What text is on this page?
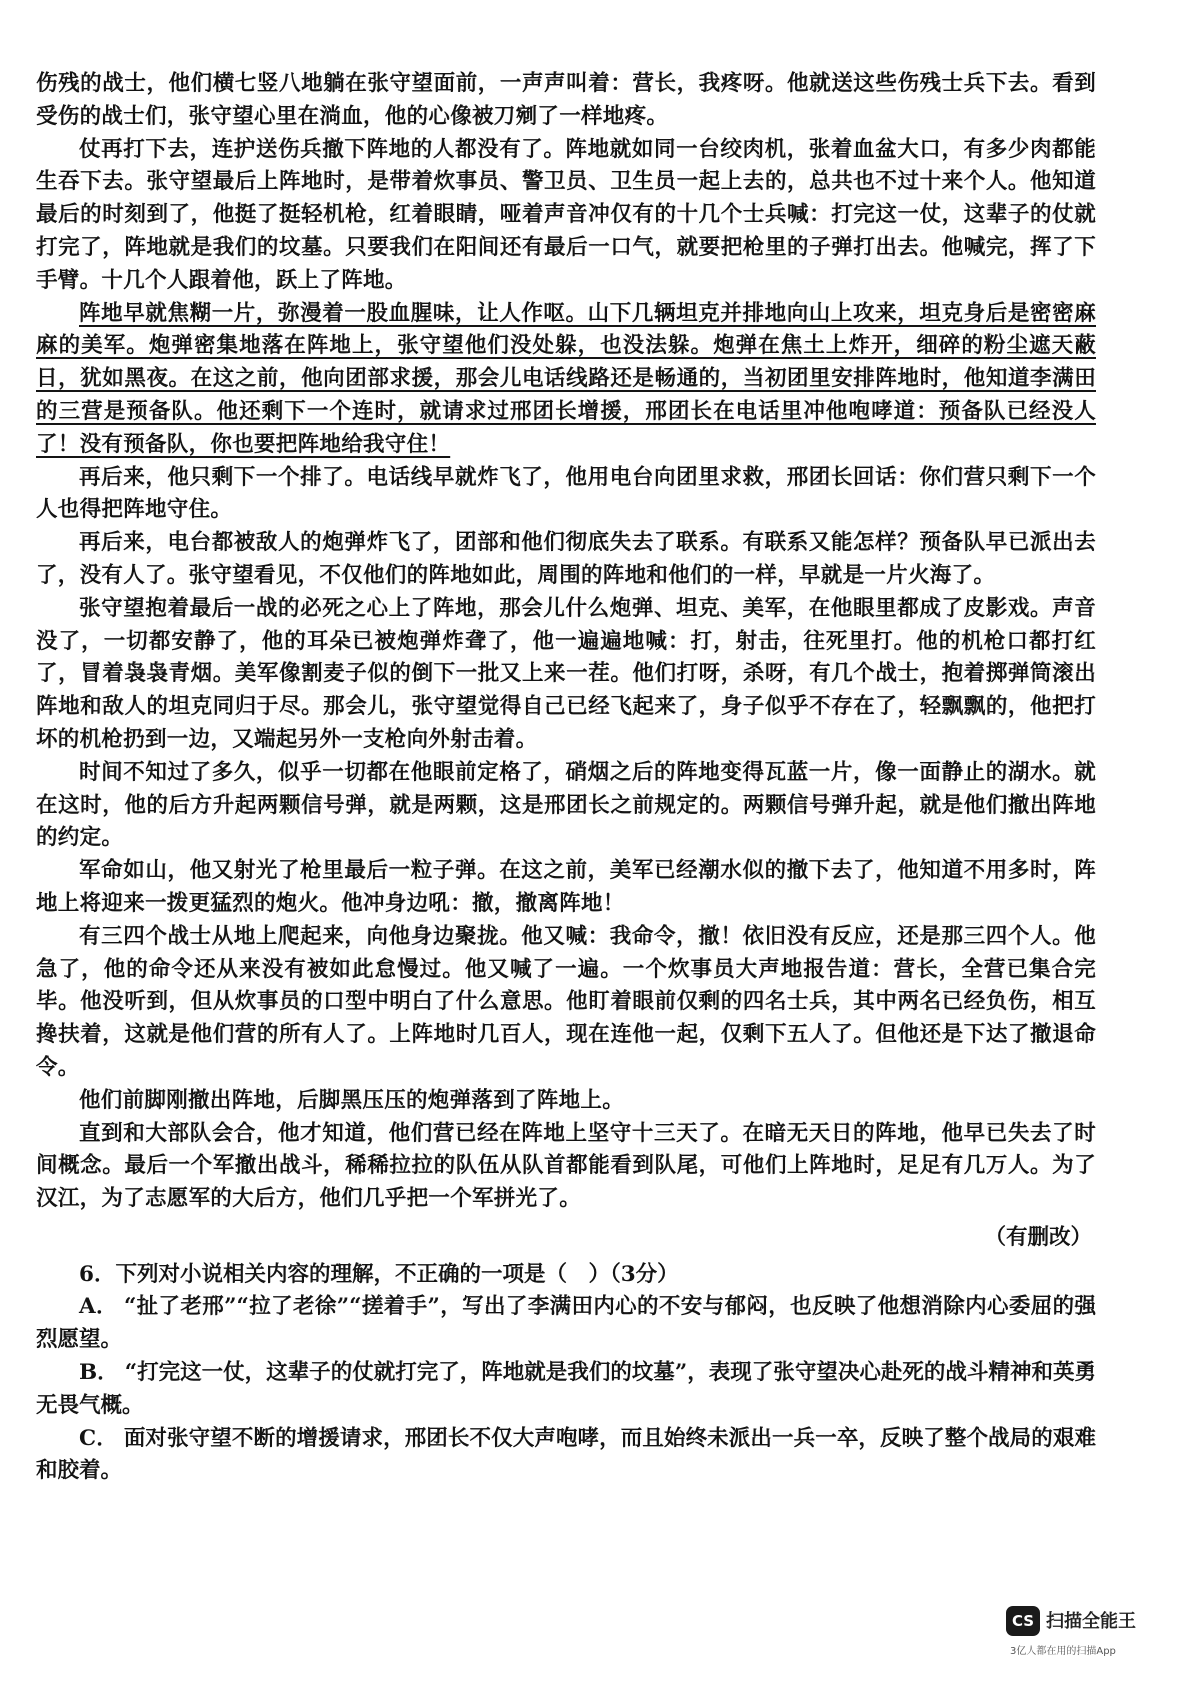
伤残的战士，他们横七竖八地躺在张守望面前，一声声叫着：营长，我疼呀。他就送这些伤残士兵下去。看到受伤的战士们，张守望心里在淌血，他的心像被刀剜了一样地疼。

仗再打下去，连护送伤兵撤下阵地的人都没有了。阵地就如同一台绞肉机，张着血盆大口，有多少肉都能生吞下去。张守望最后上阵地时，是带着炊事员、警卫员、卫生员一起上去的，总共也不过十来个人。他知道最后的时刻到了，他挺了挺轻机枪，红着眼睛，哑着声音冲仅有的十几个士兵喊：打完这一仗，这辈子的仗就打完了，阵地就是我们的坟墓。只要我们在阳间还有最后一口气，就要把枪里的子弹打出去。他喊完，挥了下手臂。十几个人跟着他，跃上了阵地。

阵地早就焦糊一片，弥漫着一股血腥味，让人作呕。山下几辆坦克并排地向山上攻来，坦克身后是密密麻麻的美军。炮弹密集地落在阵地上，张守望他们没处躲，也没法躲。炮弹在焦土上炸开，细碎的粉尘遮天蔽日，犹如黑夜。在这之前，他向团部求援，那会儿电话线路还是畅通的，当初团里安排阵地时，他知道李满田的三营是预备队。他还剩下一个连时，就请求过邢团长增援，邢团长在电话里冲他咆哮道：预备队已经没人了！没有预备队，你也要把阵地给我守住！

再后来，他只剩下一个排了。电话线早就炸飞了，他用电台向团里求救，邢团长回话：你们营只剩下一个人也得把阵地守住。

再后来，电台都被敌人的炮弹炸飞了，团部和他们彻底失去了联系。有联系又能怎样？预备队早已派出去了，没有人了。张守望看见，不仅他们的阵地如此，周围的阵地和他们的一样，早就是一片火海了。

张守望抱着最后一战的必死之心上了阵地，那会儿什么炮弹、坦克、美军，在他眼里都成了皮影戏。声音没了，一切都安静了，他的耳朵已被炮弹炸聋了，他一遍遍地喊：打，射击，往死里打。他的机枪口都打红了，冒着袅袅青烟。美军像割麦子似的倒下一批又上来一茬。他们打呀，杀呀，有几个战士，抱着掷弹筒滚出阵地和敌人的坦克同归于尽。那会儿，张守望觉得自己已经飞起来了，身子似乎不存在了，轻飘飘的，他把打坏的机枪扔到一边，又端起另外一支枪向外射击着。

时间不知过了多久，似乎一切都在他眼前定格了，硝烟之后的阵地变得瓦蓝一片，像一面静止的湖水。就在这时，他的后方升起两颗信号弹，就是两颗，这是邢团长之前规定的。两颗信号弹升起，就是他们撤出阵地的约定。

军命如山，他又射光了枪里最后一粒子弹。在这之前，美军已经潮水似的撤下去了，他知道不用多时，阵地上将迎来一拨更猛烈的炮火。他冲身边吼：撤，撤离阵地！

有三四个战士从地上爬起来，向他身边聚拢。他又喊：我命令，撤！依旧没有反应，还是那三四个人。他急了，他的命令还从来没有被如此怠慢过。他又喊了一遍。一个炊事员大声地报告道：营长，全营已集合完毕。他没听到，但从炊事员的口型中明白了什么意思。他盯着眼前仅剩的四名士兵，其中两名已经负伤，相互搀扶着，这就是他们营的所有人了。上阵地时几百人，现在连他一起，仅剩下五人了。但他还是下达了撤退命令。

他们前脚刚撤出阵地，后脚黑压压的炮弹落到了阵地上。

直到和大部队会合，他才知道，他们营已经在阵地上坚守十三天了。在暗无天日的阵地，他早已失去了时间概念。最后一个军撤出战斗，稀稀拉拉的队伍从队首都能看到队尾，可他们上阵地时，足足有几万人。为了汉江，为了志愿军的大后方，他们几乎把一个军拼光了。

（有删改）

6．下列对小说相关内容的理解，不正确的一项是（　）（3分）

A． “扯了老邢”“拉了老徐”“搓着手”，写出了李满田内心的不安与郁闷，也反映了他想消除内心委屈的强烈愿望。

B． “打完这一仗，这辈子的仗就打完了，阵地就是我们的坟墓”，表现了张守望决心赴死的战斗精神和英勇无畏气概。

C． 面对张守望不断的增援请求，邢团长不仅大声咆哮，而且始终未派出一兵一卒，反映了整个战局的艰难和胶着。

CS 扫描全能王
3亿人都在用的扫描App
